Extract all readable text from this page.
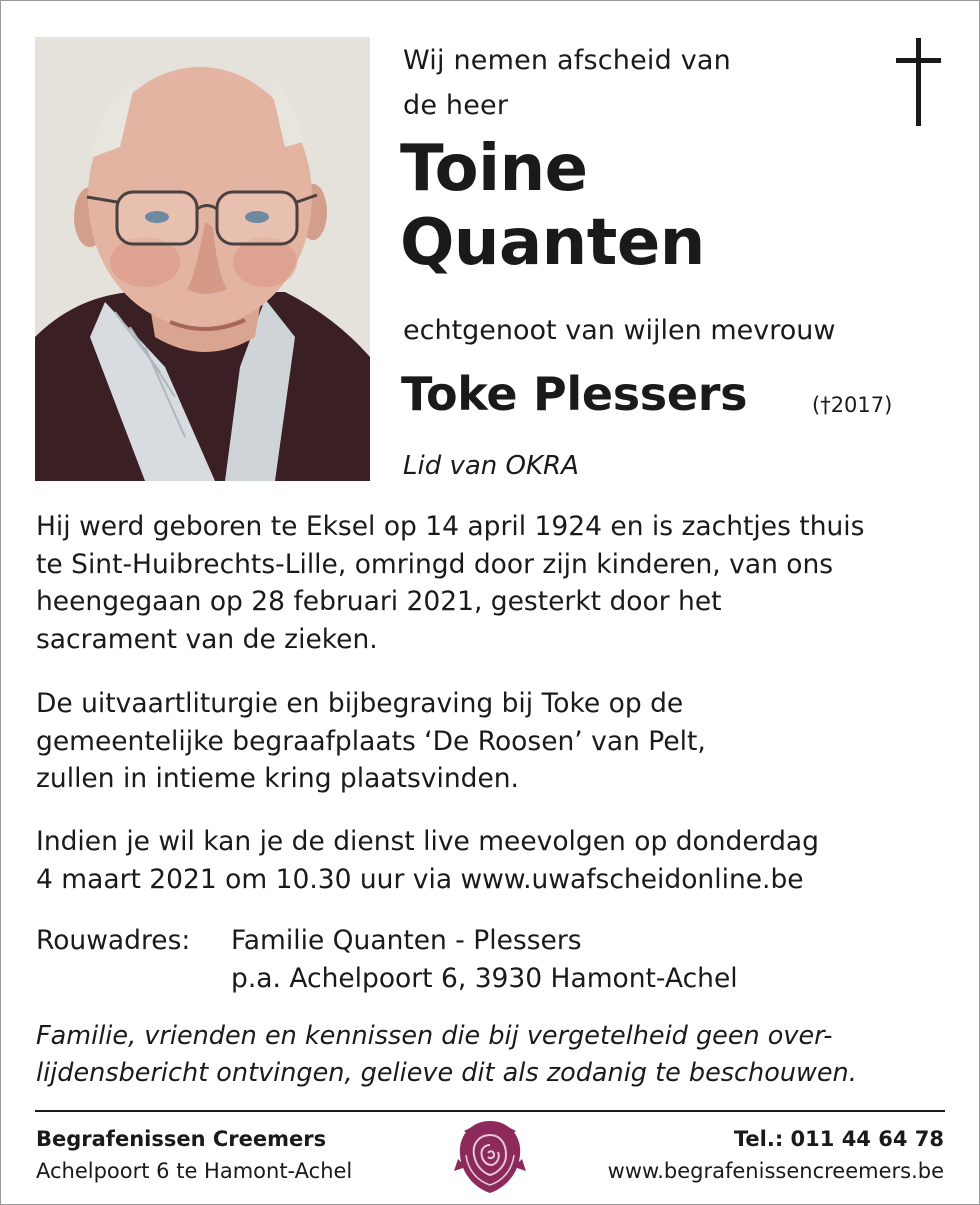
Wij nemen afscheid van
de heer
Toine
Quanten
echtgenoot van wijlen mevrouw
Toke Plessers	(†2017)
Lid van OKRA
Hij werd geboren te Eksel op 14 april 1924 en is zachtjes thuis
te Sint-Huibrechts-Lille, omringd door zijn kinderen, van ons
heengegaan op 28 februari 2021, gesterkt door het
sacrament van de zieken.
De uitvaartliturgie en bijbegraving bij Toke op de
gemeentelijke begraafplaats ‘De Roosen’ van Pelt,
zullen in intieme kring plaatsvinden.
Indien je wil kan je de dienst live meevolgen op donderdag
4 maart 2021 om 10.30 uur via www.uwafscheidonline.be
Rouwadres: Familie Quanten - Plessers
p.a. Achelpoort 6, 3930 Hamont-Achel
Familie, vrienden en kennissen die bij vergetelheid geen over-
lijdensbericht ontvingen, gelieve dit als zodanig te beschouwen.
Begrafenissen Creemers
Achelpoort 6 te Hamont-Achel
Tel.: 011 44 64 78
www.begrafenissencreemers.be
